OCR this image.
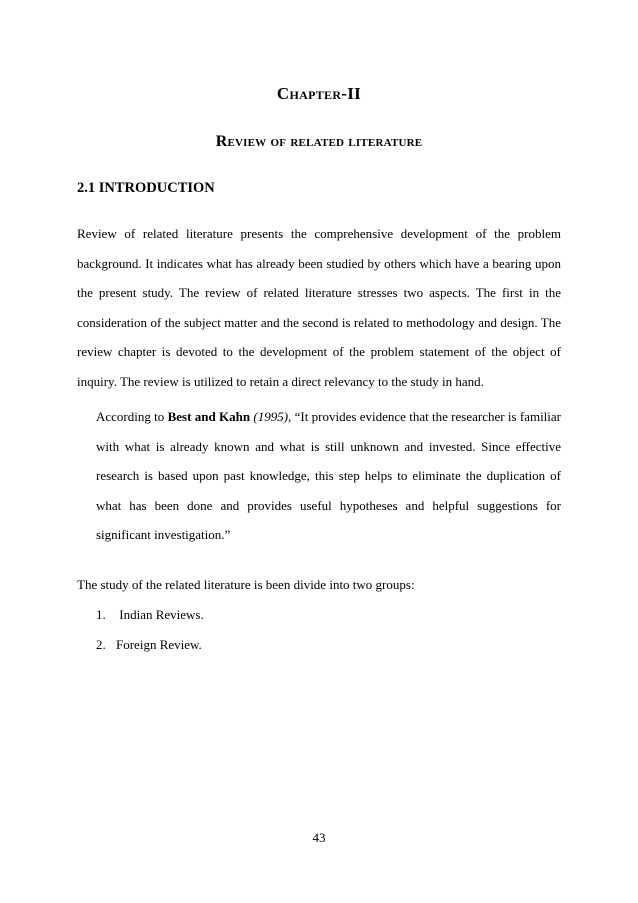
Chapter-II
Review of related literature
2.1 INTRODUCTION

Review of related literature presents the comprehensive development of the problem background. It indicates what has already been studied by others which have a bearing upon the present study. The review of related literature stresses two aspects. The first in the consideration of the subject matter and the second is related to methodology and design. The review chapter is devoted to the development of the problem statement of the object of inquiry. The review is utilized to retain a direct relevancy to the study in hand.

According to Best and Kahn (1995), “It provides evidence that the researcher is familiar with what is already known and what is still unknown and invested. Since effective research is based upon past knowledge, this step helps to eliminate the duplication of what has been done and provides useful hypotheses and helpful suggestions for significant investigation.”

The study of the related literature is been divide into two groups:

1. Indian Reviews.
2. Foreign Review.

43
